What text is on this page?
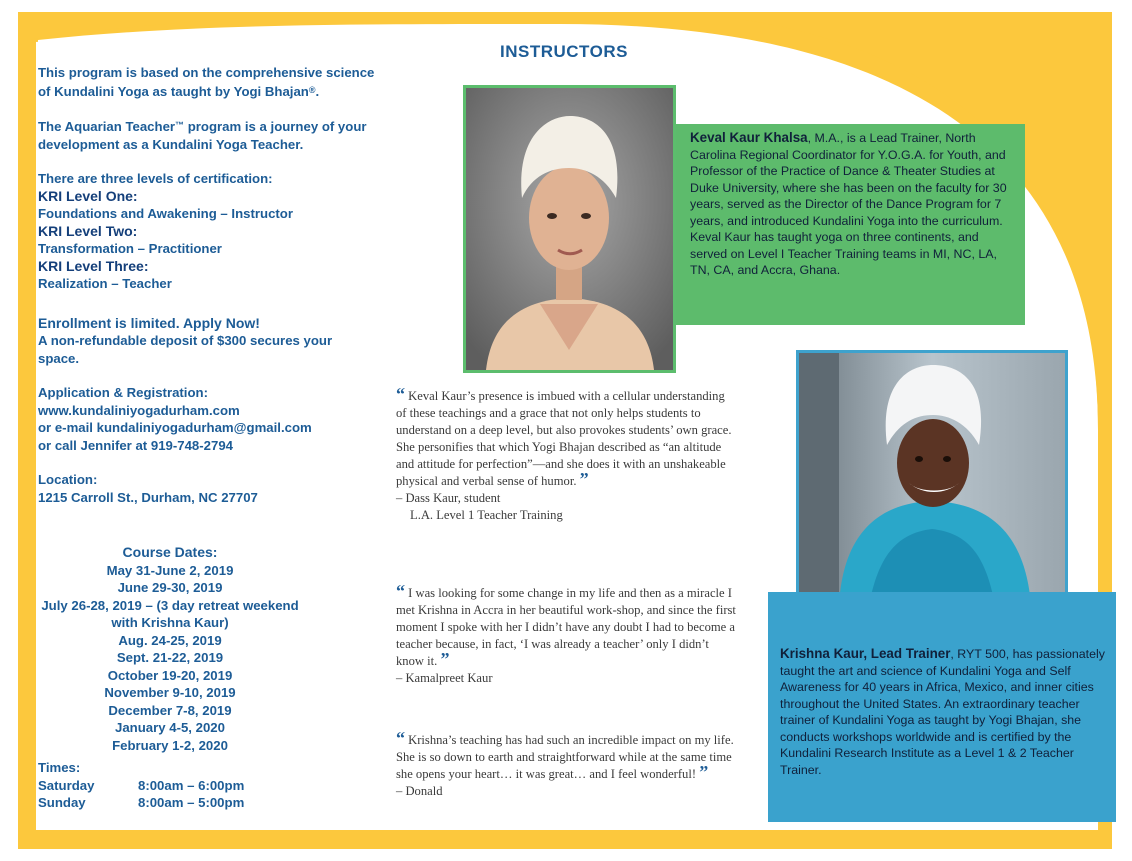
This program is based on the comprehensive science of Kundalini Yoga as taught by Yogi Bhajan®.

The Aquarian Teacher™ program is a journey of your development as a Kundalini Yoga Teacher.

There are three levels of certification:

KRI Level One:

Foundations and Awakening – Instructor

KRI Level Two:

Transformation – Practitioner

KRI Level Three:

Realization – Teacher

Enrollment is limited. Apply Now!

A non-refundable deposit of $300 secures your space.

Application & Registration:

www.kundaliniyogadurham.com

or e-mail kundaliniyogadurham@gmail.com

or call Jennifer at 919-748-2794

Location:

1215 Carroll St., Durham, NC 27707

Course Dates:

May 31-June 2, 2019

June 29-30, 2019

July 26-28, 2019 – (3 day retreat weekend

with Krishna Kaur)

Aug. 24-25, 2019

Sept. 21-22, 2019

October 19-20, 2019

November 9-10, 2019

December 7-8, 2019

January 4-5, 2020

February 1-2, 2020

Times:

Saturday	8:00am – 6:00pm
Sunday	8:00am – 5:00pm
INSTRUCTORS
Keval Kaur Khalsa, M.A., is a Lead Trainer, North Carolina Regional Coordinator for Y.O.G.A. for Youth, and Professor of the Practice of Dance & Theater Studies at Duke University, where she has been on the faculty for 30 years, served as the Director of the Dance Program for 7 years, and introduced Kundalini Yoga into the curriculum. Keval Kaur has taught yoga on three continents, and served on Level I Teacher Training teams in MI, NC, LA, TN, CA, and Accra, Ghana.
Krishna Kaur, Lead Trainer, RYT 500, has passionately taught the art and science of Kundalini Yoga and Self Awareness for 40 years in Africa, Mexico, and inner cities throughout the United States. An extraordinary teacher trainer of Kundalini Yoga as taught by Yogi Bhajan, she conducts workshops worldwide and is certified by the Kundalini Research Institute as a Level 1 & 2 Teacher Trainer.
“ Keval Kaur’s presence is imbued with a cellular understanding of these teachings and a grace that not only helps students to understand on a deep level, but also provokes students’ own grace. She personifies that which Yogi Bhajan described as “an altitude and attitude for perfection”—and she does it with an unshakeable physical and verbal sense of humor. ”
– Dass Kaur, student
L.A. Level 1 Teacher Training
“ I was looking for some change in my life and then as a miracle I met Krishna in Accra in her beautiful work-shop, and since the first moment I spoke with her I didn’t have any doubt I had to become a teacher because, in fact, ‘I was already a teacher’ only I didn’t know it. ”
– Kamalpreet Kaur
“ Krishna’s teaching has had such an incredible impact on my life. She is so down to earth and straightforward while at the same time she opens your heart… it was great… and I feel wonderful! ”
– Donald
